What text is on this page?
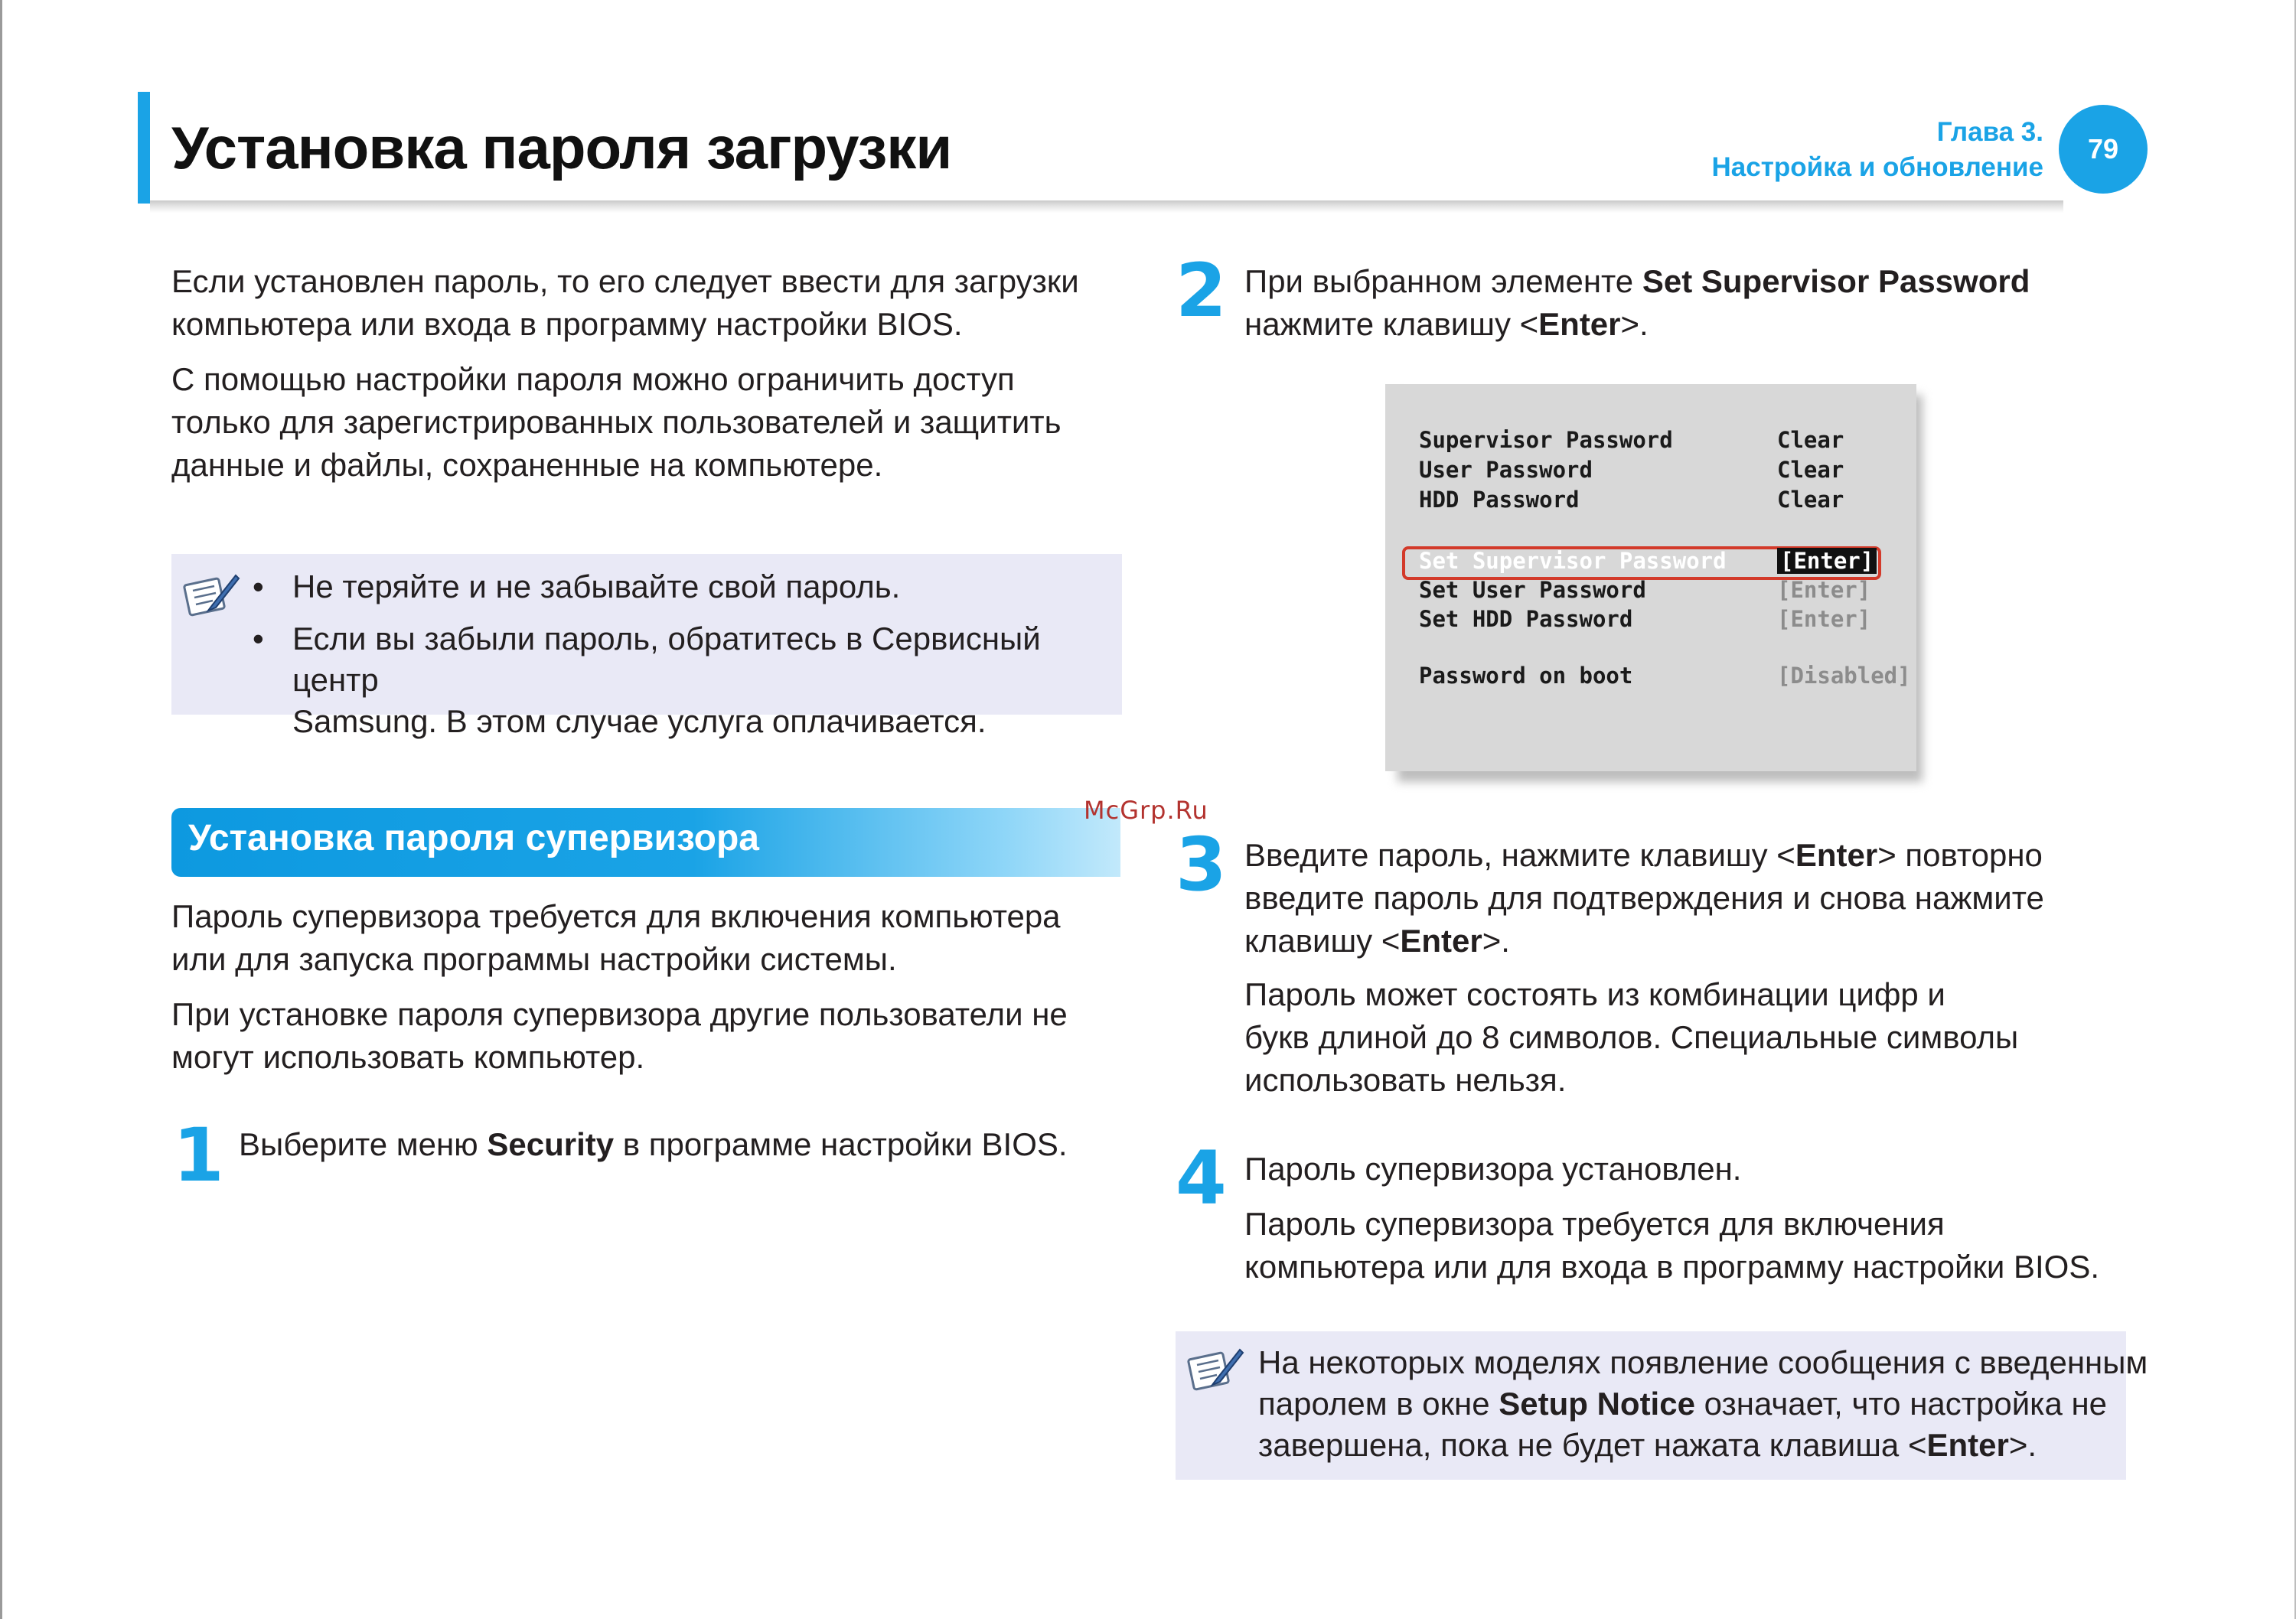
Установка пароля загрузки	Глава 3.
Настройка и обновление
79
Если установлен пароль, то его следует ввести для загрузки
компьютера или входа в программу настройки BIOS.
С помощью настройки пароля можно ограничить доступ
только для зарегистрированных пользователей и защитить
данные и файлы, сохраненные на компьютере.
• Не теряйте и не забывайте свой пароль.
• Если вы забыли пароль, обратитесь в Сервисный центр
Samsung. В этом случае услуга оплачивается.
Установка пароля супервизора
McGrp.Ru
Пароль супервизора требуется для включения компьютера
или для запуска программы настройки системы.
При установке пароля супервизора другие пользователи не
могут использовать компьютер.
1 Выберите меню Security в программе настройки BIOS.
2 При выбранном элементе Set Supervisor Password
нажмите клавишу <Enter>.
Supervisor Password	Clear
User Password	Clear
HDD Password	Clear
Set Supervisor Password [Enter]
Set User Password	[Enter]
Set HDD Password	[Enter]
Password on boot	[Disabled]
3 Введите пароль, нажмите клавишу <Enter> повторно
введите пароль для подтверждения и снова нажмите
клавишу <Enter>.
Пароль может состоять из комбинации цифр и
букв длиной до 8 символов. Специальные символы
использовать нельзя.
4 Пароль супервизора установлен.
Пароль супервизора требуется для включения
компьютера или для входа в программу настройки BIOS.
На некоторых моделях появление сообщения с введенным
паролем в окне Setup Notice означает, что настройка не
завершена, пока не будет нажата клавиша <Enter>.
